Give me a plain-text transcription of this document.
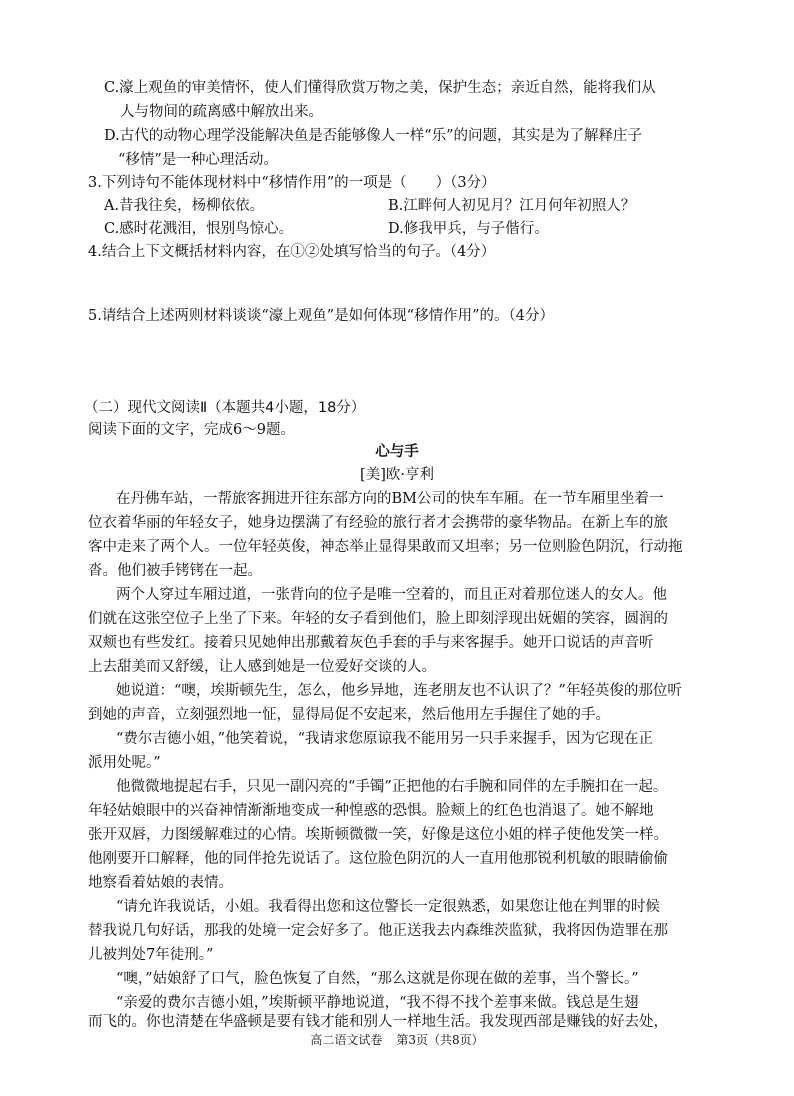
C.濠上观鱼的审美情怀，使人们懂得欣赏万物之美，保护生态；亲近自然，能将我们从
人与物间的疏离感中解放出来。
D.古代的动物心理学没能解决鱼是否能够像人一样“乐”的问题，其实是为了解释庄子
“移情”是一种心理活动。
3.下列诗句不能体现材料中“移情作用”的一项是（　　）（3分）
A.昔我往矣，杨柳依依。	B.江畔何人初见月？江月何年初照人？
C.感时花溅泪，恨别鸟惊心。	D.修我甲兵，与子偕行。
4.结合上下文概括材料内容，在①②处填写恰当的句子。（4分）
5.请结合上述两则材料谈谈“濠上观鱼”是如何体现“移情作用”的。（4分）
（二）现代文阅读Ⅱ（本题共4小题，18分）
阅读下面的文字，完成6～9题。
心与手
[美]欧·亨利
在丹佛车站，一帮旅客拥进开往东部方向的BM公司的快车车厢。在一节车厢里坐着一
位衣着华丽的年轻女子，她身边摆满了有经验的旅行者才会携带的豪华物品。在新上车的旅
客中走来了两个人。一位年轻英俊，神态举止显得果敢而又坦率；另一位则脸色阴沉，行动拖
沓。他们被手铐铐在一起。
两个人穿过车厢过道，一张背向的位子是唯一空着的，而且正对着那位迷人的女人。他
们就在这张空位子上坐了下来。年轻的女子看到他们，脸上即刻浮现出妩媚的笑容，圆润的
双颊也有些发红。接着只见她伸出那戴着灰色手套的手与来客握手。她开口说话的声音听
上去甜美而又舒缓，让人感到她是一位爱好交谈的人。
她说道：“噢，埃斯顿先生，怎么，他乡异地，连老朋友也不认识了？”年轻英俊的那位听
到她的声音，立刻强烈地一怔，显得局促不安起来，然后他用左手握住了她的手。
“费尔吉德小姐，”他笑着说，“我请求您原谅我不能用另一只手来握手，因为它现在正
派用处呢。”
他微微地提起右手，只见一副闪亮的“手镯”正把他的右手腕和同伴的左手腕扣在一起。
年轻姑娘眼中的兴奋神情渐渐地变成一种惶惑的恐惧。脸颊上的红色也消退了。她不解地
张开双唇，力图缓解难过的心情。埃斯顿微微一笑，好像是这位小姐的样子使他发笑一样。
他刚要开口解释，他的同伴抢先说话了。这位脸色阴沉的人一直用他那锐利机敏的眼睛偷偷
地察看着姑娘的表情。
“请允许我说话，小姐。我看得出您和这位警长一定很熟悉，如果您让他在判罪的时候
替我说几句好话，那我的处境一定会好多了。他正送我去内森维茨监狱，我将因伪造罪在那
儿被判处7年徒刑。”
“噢，”姑娘舒了口气，脸色恢复了自然，“那么这就是你现在做的差事，当个警长。”
“亲爱的费尔吉德小姐，”埃斯顿平静地说道，“我不得不找个差事来做。钱总是生翅
而飞的。你也清楚在华盛顿是要有钱才能和别人一样地生活。我发现西部是赚钱的好去处，
高二语文试卷 第3页（共8页）
